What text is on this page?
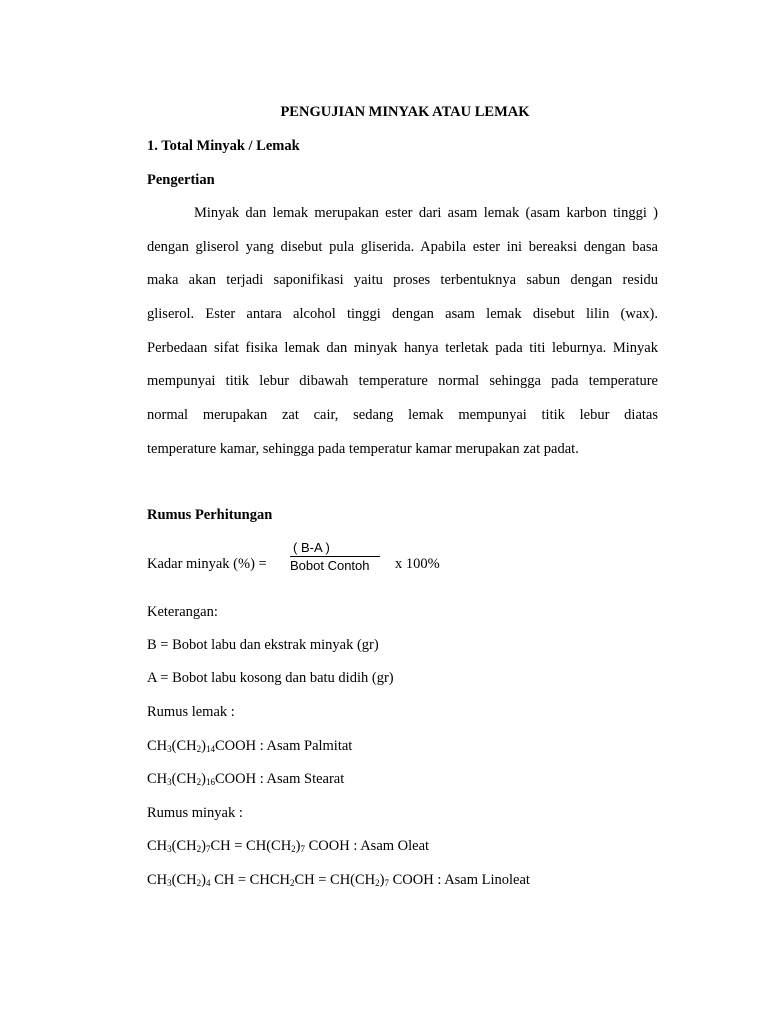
PENGUJIAN MINYAK ATAU LEMAK
1. Total Minyak / Lemak
Pengertian
Minyak dan lemak merupakan ester dari asam lemak (asam karbon tinggi )
dengan gliserol yang disebut pula gliserida. Apabila ester ini bereaksi dengan basa
maka akan terjadi saponifikasi yaitu proses terbentuknya sabun dengan residu
gliserol. Ester antara alcohol tinggi dengan asam lemak disebut lilin (wax).
Perbedaan sifat fisika lemak dan minyak hanya terletak pada titi leburnya. Minyak
mempunyai titik lebur dibawah temperature normal sehingga pada temperature
normal merupakan zat cair, sedang lemak mempunyai titik lebur diatas
temperature kamar, sehingga pada temperatur kamar merupakan zat padat.
Rumus Perhitungan
Kadar minyak (%) =
( B-A )
Bobot Contoh x 100%
Keterangan:
B = Bobot labu dan ekstrak minyak (gr)
A = Bobot labu kosong dan batu didih (gr)
Rumus lemak :
$CH_3(CH_2)_{14}COOH$ : Asam Palmitat
$CH_3(CH_2)_{16}COOH$ : Asam Stearat
Rumus minyak :
$CH_3(CH_2)_7CH = CH(CH_2)_7$ COOH : Asam Oleat
$CH_3(CH_2)_4$ CH = $CHCH_2CH = CH(CH_2)_7$ COOH : Asam Linoleat
